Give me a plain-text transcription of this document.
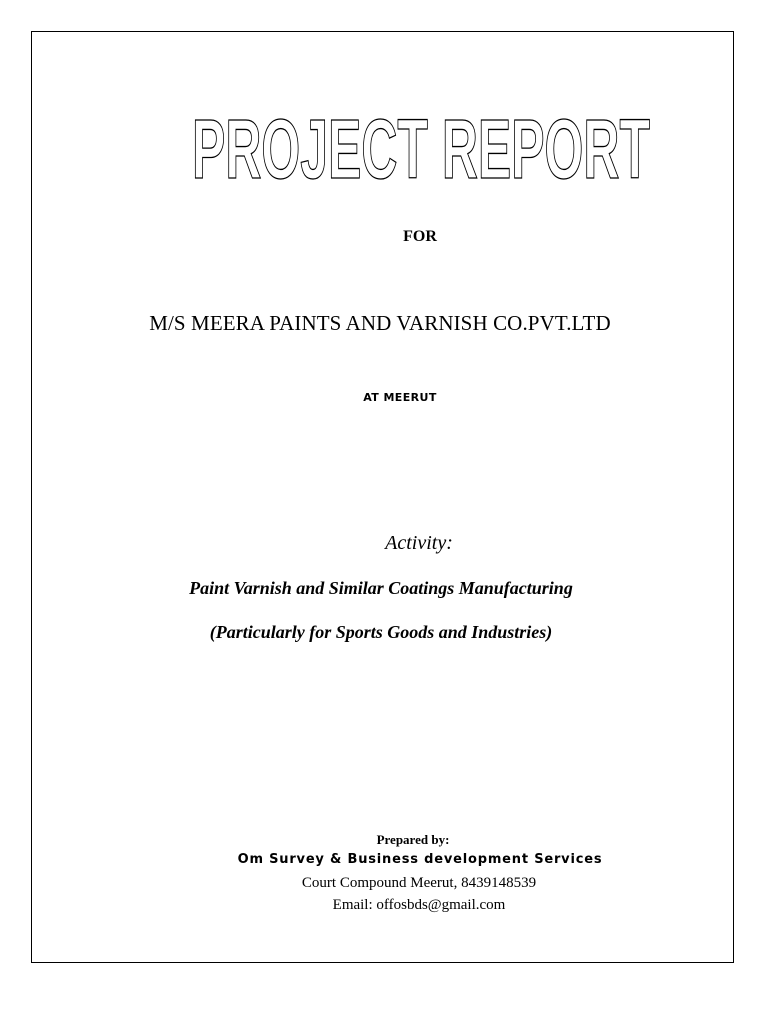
PROJECT REPORT

FOR

M/S MEERA PAINTS AND VARNISH CO.PVT.LTD

AT MEERUT

Activity:

Paint Varnish and Similar Coatings Manufacturing

(Particularly for Sports Goods and Industries)

Prepared by:

Om Survey & Business development Services

Court Compound Meerut, 8439148539

Email: offosbds@gmail.com
